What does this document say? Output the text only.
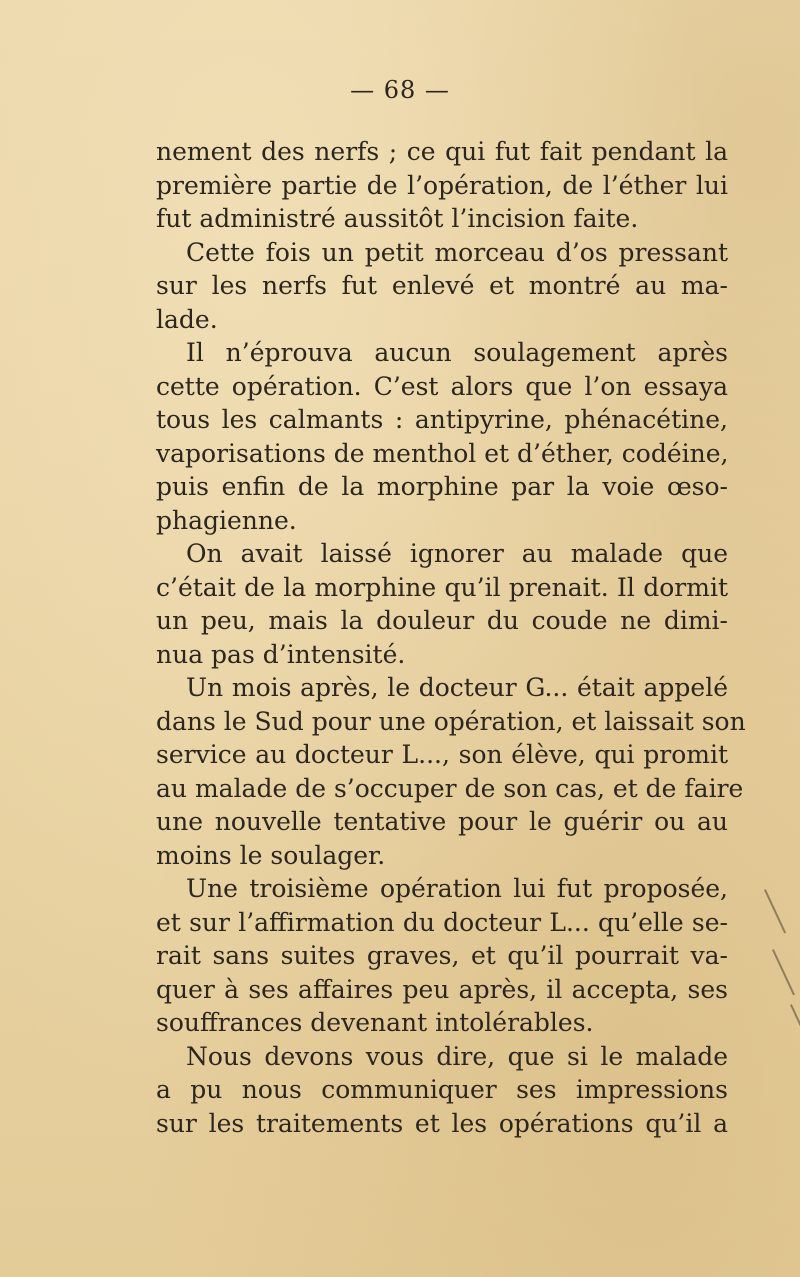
— 68 —
nement des nerfs ; ce qui fut fait pendant la
première partie de l’opération, de l’éther lui
fut administré aussitôt l’incision faite.
Cette fois un petit morceau d’os pressant
sur les nerfs fut enlevé et montré au ma-
lade.
Il n’éprouva aucun soulagement après
cette opération. C’est alors que l’on essaya
tous les calmants : antipyrine, phénacétine,
vaporisations de menthol et d’éther, codéine,
puis enfin de la morphine par la voie œso-
phagienne.
On avait laissé ignorer au malade que
c’était de la morphine qu’il prenait. Il dormit
un peu, mais la douleur du coude ne dimi-
nua pas d’intensité.
Un mois après, le docteur G... était appelé
dans le Sud pour une opération, et laissait son
service au docteur L..., son élève, qui promit
au malade de s’occuper de son cas, et de faire
une nouvelle tentative pour le guérir ou au
moins le soulager.
Une troisième opération lui fut proposée,
et sur l’affirmation du docteur L... qu’elle se-
rait sans suites graves, et qu’il pourrait va-
quer à ses affaires peu après, il accepta, ses
souffrances devenant intolérables.
Nous devons vous dire, que si le malade
a pu nous communiquer ses impressions
sur les traitements et les opérations qu’il a
